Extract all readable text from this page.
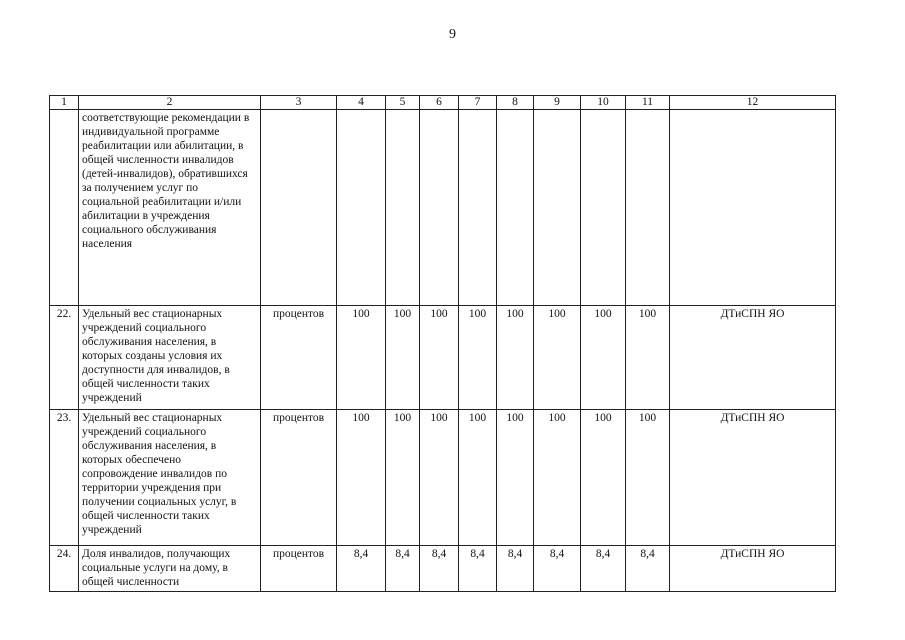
9
1	2	3	4	5	6	7	8	9	10	11	12
	соответствующие рекомендации в индивидуальной программе реабилитации или абилитации, в общей численности инвалидов (детей-инвалидов), обратившихся за получением услуг по социальной реабилитации и/или абилитации в учреждения социального обслуживания населения										
22.	Удельный вес стационарных учреждений социального обслуживания населения, в которых созданы условия их доступности для инвалидов, в общей численности таких учреждений	процентов	100	100	100	100	100	100	100	100	ДТиСПН ЯО
23.	Удельный вес стационарных учреждений социального обслуживания населения, в которых обеспечено сопровождение инвалидов по территории учреждения при получении социальных услуг, в общей численности таких учреждений	процентов	100	100	100	100	100	100	100	100	ДТиСПН ЯО
24.	Доля инвалидов, получающих социальные услуги на дому, в общей численности	процентов	8,4	8,4	8,4	8,4	8,4	8,4	8,4	8,4	ДТиСПН ЯО
